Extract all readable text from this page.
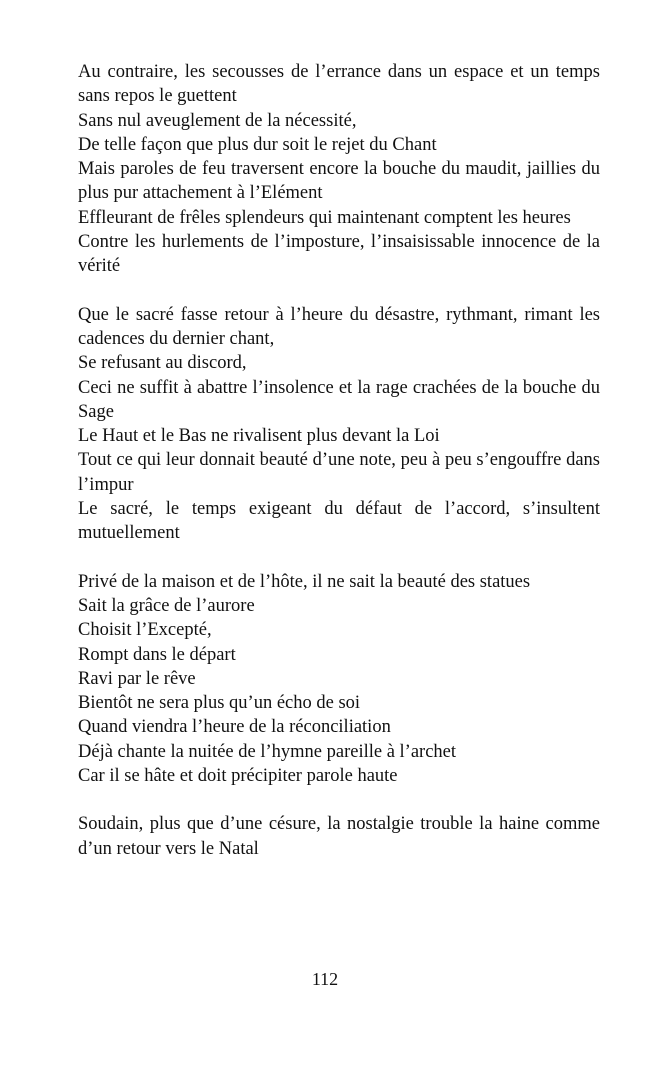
Au contraire, les secousses de l’errance dans un espace et un temps sans repos le guettent
Sans nul aveuglement de la nécessité,
De telle façon que plus dur soit le rejet du Chant
Mais paroles de feu traversent encore la bouche du maudit, jaillies du plus pur attachement à l’Elément
Effleurant de frêles splendeurs qui maintenant comptent les heures
Contre les hurlements de l’imposture, l’insaisissable innocence de la vérité
Que le sacré fasse retour à l’heure du désastre, rythmant, rimant les cadences du dernier chant,
Se refusant au discord,
Ceci ne suffit à abattre l’insolence et la rage crachées de la bouche du Sage
Le Haut et le Bas ne rivalisent plus devant la Loi
Tout ce qui leur donnait beauté d’une note, peu à peu s’engouffre dans l’impur
Le sacré, le temps exigeant du défaut de l’accord, s’insultent mutuellement
Privé de la maison et de l’hôte, il ne sait la beauté des statues
Sait la grâce de l’aurore
Choisit l’Excepté,
Rompt dans le départ
Ravi par le rêve
Bientôt ne sera plus qu’un écho de soi
Quand viendra l’heure de la réconciliation
Déjà chante la nuitée de l’hymne pareille à l’archet
Car il se hâte et doit précipiter parole haute
Soudain, plus que d’une césure, la nostalgie trouble la haine comme d’un retour vers le Natal
112
